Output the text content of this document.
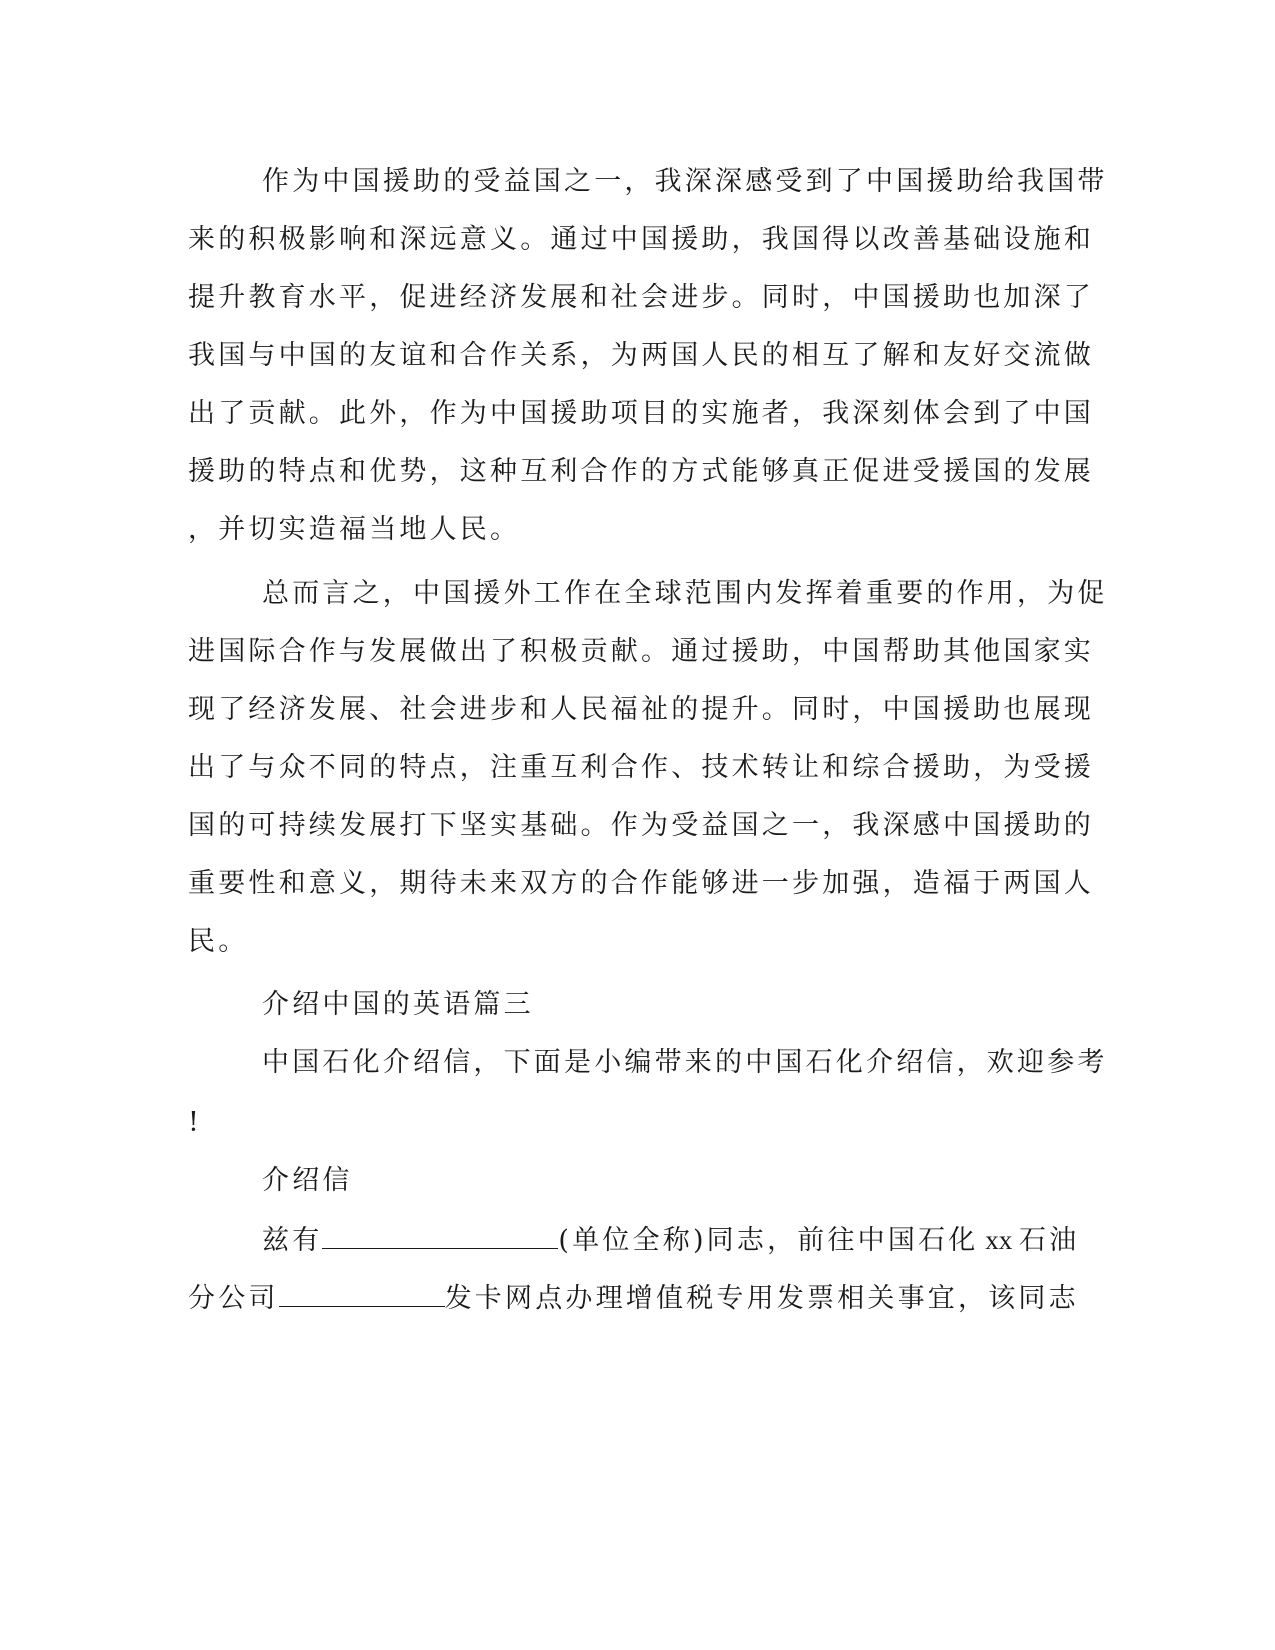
作为中国援助的受益国之一，我深深感受到了中国援助给我国带
来的积极影响和深远意义。通过中国援助，我国得以改善基础设施和
提升教育水平，促进经济发展和社会进步。同时，中国援助也加深了
我国与中国的友谊和合作关系，为两国人民的相互了解和友好交流做
出了贡献。此外，作为中国援助项目的实施者，我深刻体会到了中国
援助的特点和优势，这种互利合作的方式能够真正促进受援国的发展
，并切实造福当地人民。
总而言之，中国援外工作在全球范围内发挥着重要的作用，为促
进国际合作与发展做出了积极贡献。通过援助，中国帮助其他国家实
现了经济发展、社会进步和人民福祉的提升。同时，中国援助也展现
出了与众不同的特点，注重互利合作、技术转让和综合援助，为受援
国的可持续发展打下坚实基础。作为受益国之一，我深感中国援助的
重要性和意义，期待未来双方的合作能够进一步加强，造福于两国人
民。
介绍中国的英语篇三
中国石化介绍信，下面是小编带来的中国石化介绍信，欢迎参考
!
介绍信
兹有	(单位全称)同志，前往中国石化 xx 石油
分公司	发卡网点办理增值税专用发票相关事宜，该同志
